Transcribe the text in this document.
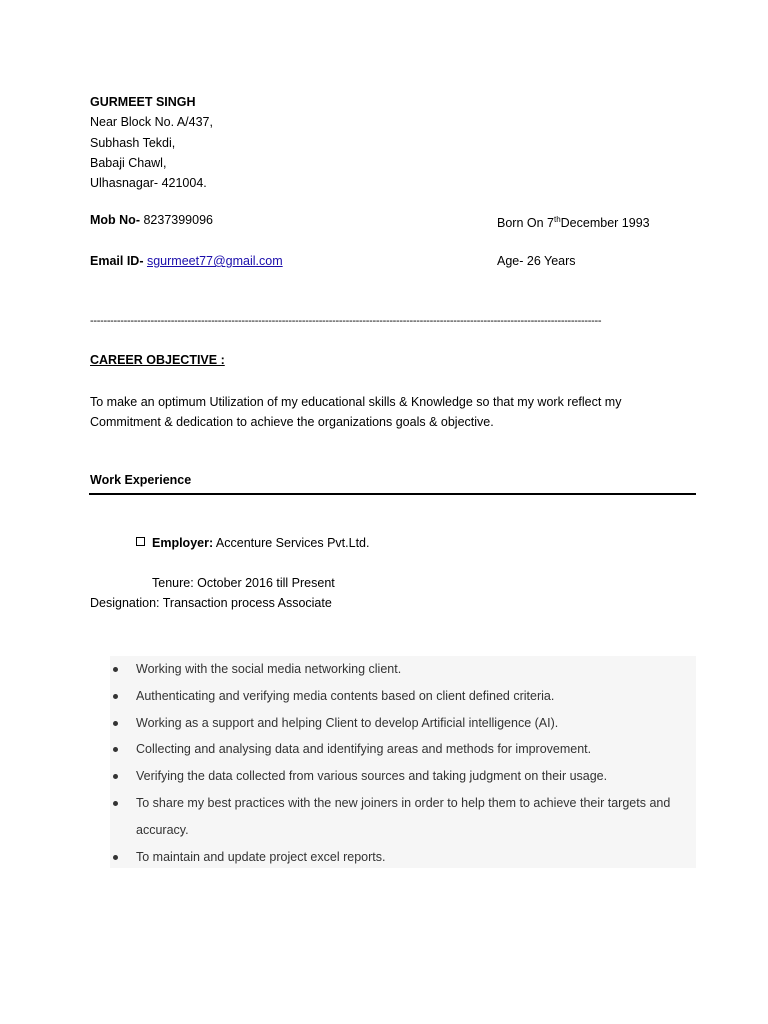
GURMEET SINGH
Near Block No. A/437,
Subhash Tekdi,
Babaji Chawl,
Ulhasnagar- 421004.
Mob No- 8237399096	Born On 7thDecember 1993
Email ID- sgurmeet77@gmail.com	Age- 26 Years
--------------------------------------------------------------------------------------------------------------------------------------------------------
CAREER OBJECTIVE :
To make an optimum Utilization of my educational skills & Knowledge so that my work reflect my
Commitment & dedication to achieve the organizations goals & objective.
Work Experience
Employer: Accenture Services Pvt.Ltd.
Tenure: October 2016 till Present
Designation: Transaction process Associate
Working with the social media networking client.
Authenticating and verifying media contents based on client defined criteria.
Working as a support and helping Client to develop Artificial intelligence (AI).
Collecting and analysing data and identifying areas and methods for improvement.
Verifying the data collected from various sources and taking judgment on their usage.
To share my best practices with the new joiners in order to help them to achieve their targets and accuracy.
To maintain and update project excel reports.
